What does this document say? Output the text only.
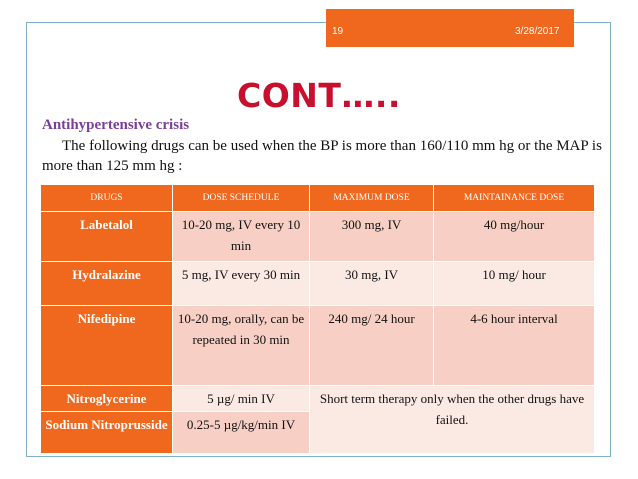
19	3/28/2017
CONT…..
Antihypertensive crisis
The following drugs can be used when the BP is more than 160/110 mm hg or the MAP is more than 125 mm hg :
DRUGS	DOSE SCHEDULE	MAXIMUM DOSE	MAINTAINANCE DOSE
Labetalol	10-20 mg, IV every 10 min	300 mg, IV	40 mg/hour
Hydralazine	5 mg, IV every 30 min	30 mg, IV	10 mg/ hour
Nifedipine	10-20 mg, orally, can be repeated in 30 min	240 mg/ 24 hour	4-6 hour interval
Nitroglycerine	5 µg/ min IV	Short term therapy only when the other drugs have failed.	
Sodium Nitroprusside	0.25-5 µg/kg/min IV		
